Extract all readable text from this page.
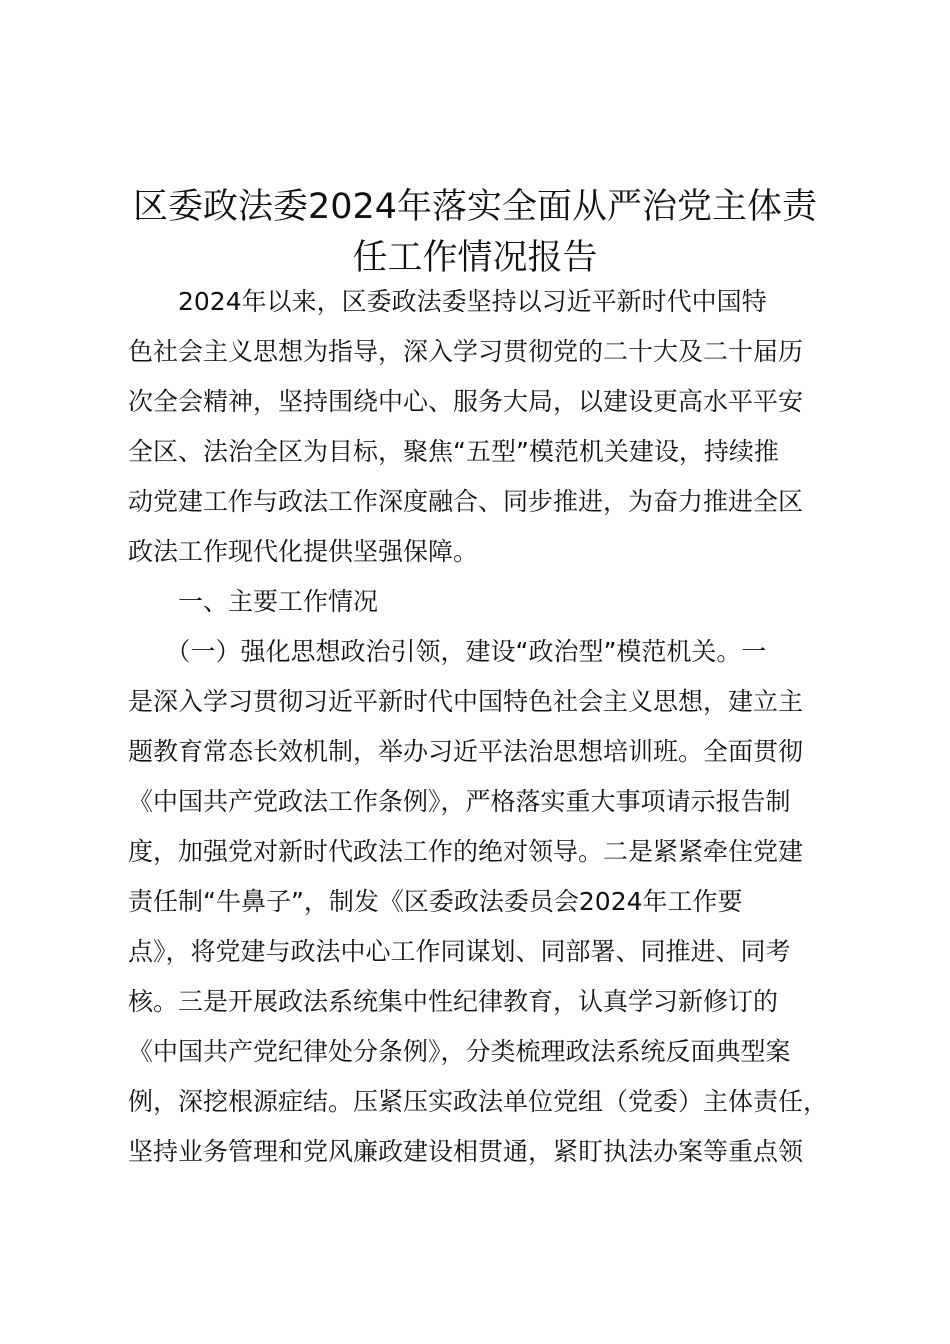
区委政法委2024年落实全面从严治党主体责
任工作情况报告

　　2024年以来，区委政法委坚持以习近平新时代中国特

色社会主义思想为指导，深入学习贯彻党的二十大及二十届历

次全会精神，坚持围绕中心、服务大局，以建设更高水平平安

全区、法治全区为目标，聚焦“五型”模范机关建设，持续推

动党建工作与政法工作深度融合、同步推进，为奋力推进全区

政法工作现代化提供坚强保障。

　　一、主要工作情况

　　（一）强化思想政治引领，建设“政治型”模范机关。一

是深入学习贯彻习近平新时代中国特色社会主义思想，建立主

题教育常态长效机制，举办习近平法治思想培训班。全面贯彻

《中国共产党政法工作条例》，严格落实重大事项请示报告制

度，加强党对新时代政法工作的绝对领导。二是紧紧牵住党建

责任制“牛鼻子”，制发《区委政法委员会2024年工作要

点》，将党建与政法中心工作同谋划、同部署、同推进、同考

核。三是开展政法系统集中性纪律教育，认真学习新修订的

《中国共产党纪律处分条例》，分类梳理政法系统反面典型案

例，深挖根源症结。压紧压实政法单位党组（党委）主体责任，

坚持业务管理和党风廉政建设相贯通，紧盯执法办案等重点领
